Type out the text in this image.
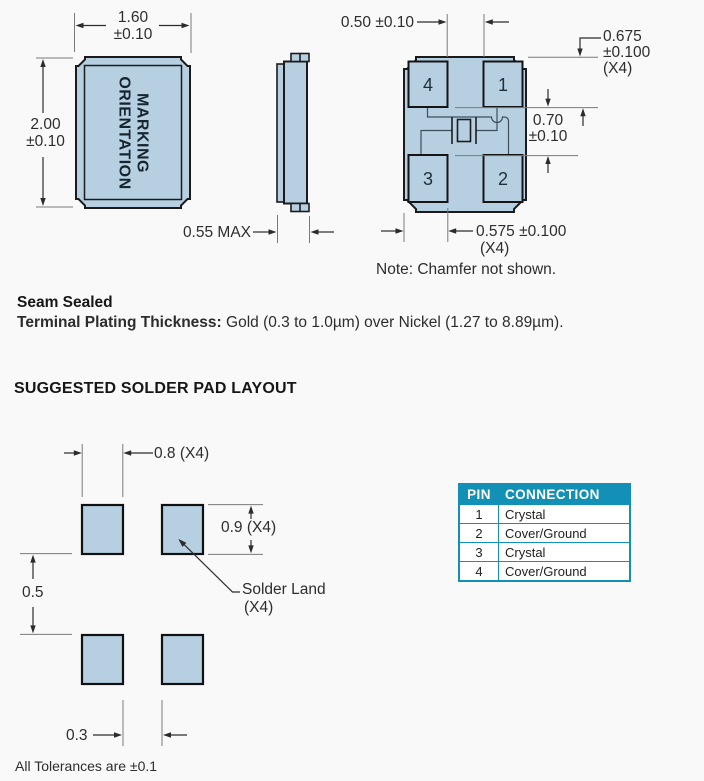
1.60
±0.10
2.00
±0.10	MARKING
ORIENTATION
0.55 MAX
0.50 ±0.10
0.675
±0.100
(X4)
0.70
±0.10
0.575 ±0.100
(X4)
4	1
3	2
Note: Chamfer not shown.
Seam Sealed
Terminal Plating Thickness: Gold (0.3 to 1.0µm) over Nickel (1.27 to 8.89µm).
SUGGESTED SOLDER PAD LAYOUT
0.8 (X4)
0.9 (X4)
0.5
0.3
Solder Land
(X4)
All Tolerances are ±0.1
PIN	CONNECTION
1	Crystal
2	Cover/Ground
3	Crystal
4	Cover/Ground
